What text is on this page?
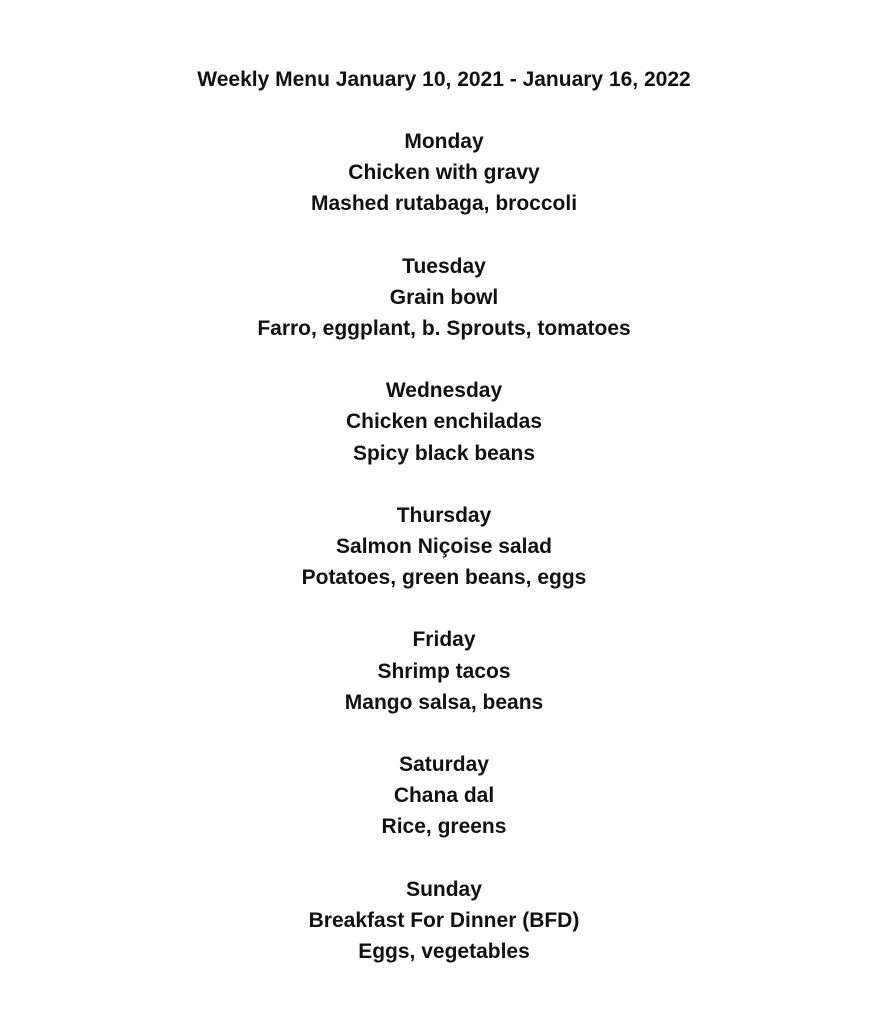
Weekly Menu January 10, 2021 - January 16, 2022
Monday
Chicken with gravy
Mashed rutabaga, broccoli
Tuesday
Grain bowl
Farro, eggplant, b. Sprouts, tomatoes
Wednesday
Chicken enchiladas
Spicy black beans
Thursday
Salmon Niçoise salad
Potatoes, green beans, eggs
Friday
Shrimp tacos
Mango salsa, beans
Saturday
Chana dal
Rice, greens
Sunday
Breakfast For Dinner (BFD)
Eggs, vegetables
